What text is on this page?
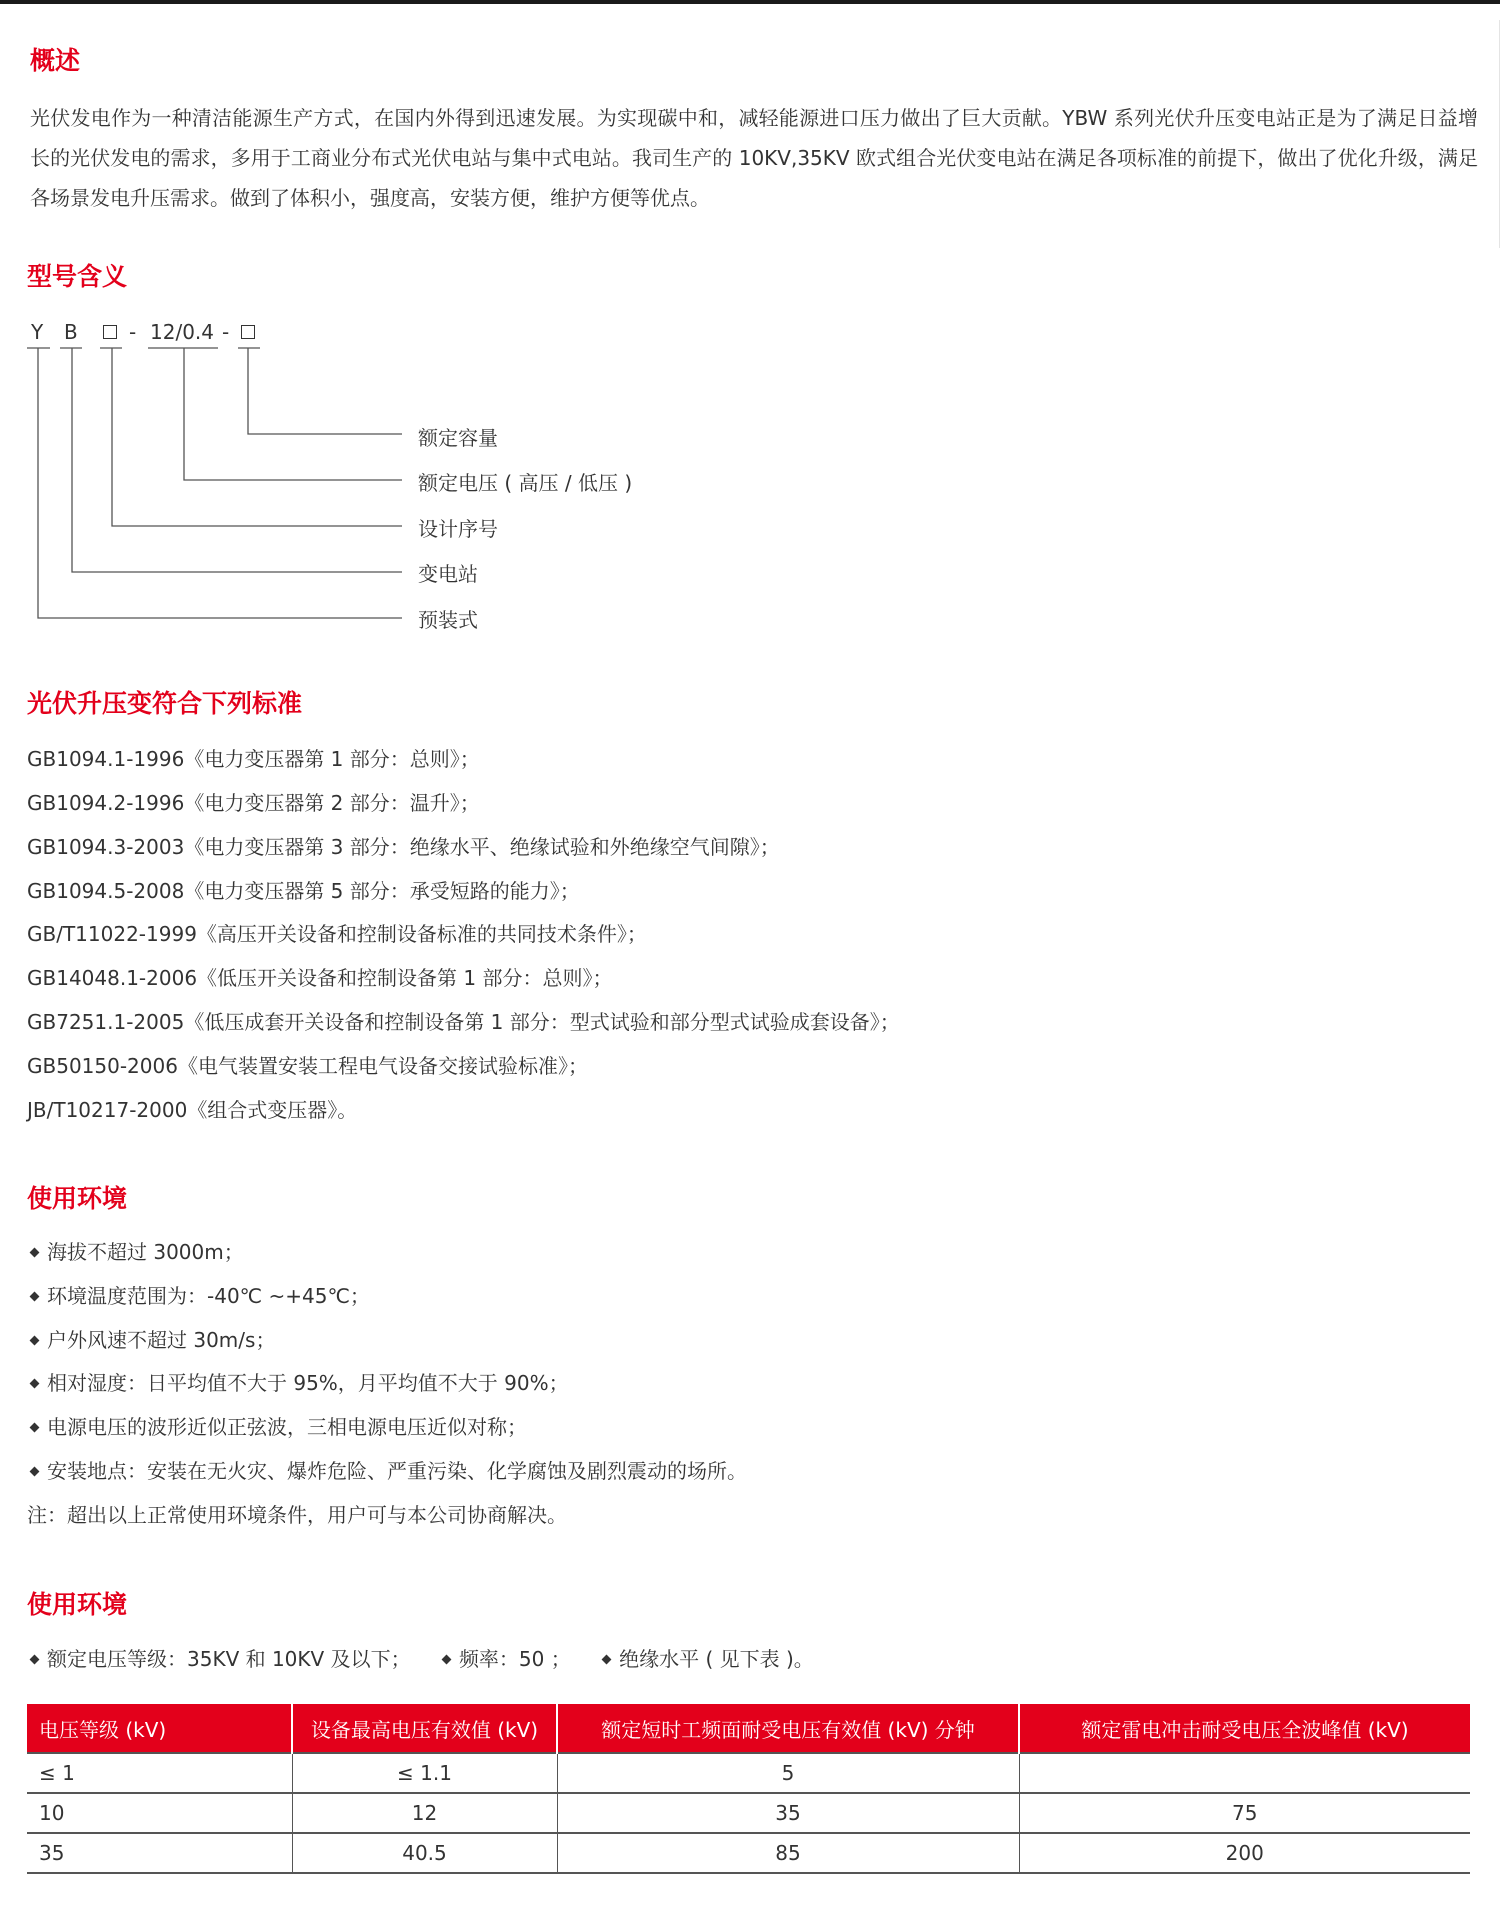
概述

光伏发电作为一种清洁能源生产方式，在国内外得到迅速发展。为实现碳中和，减轻能源进口压力做出了巨大贡献。YBW 系列光伏升压变电站正是为了满足日益增长的光伏发电的需求，多用于工商业分布式光伏电站与集中式电站。我司生产的 10KV,35KV 欧式组合光伏变电站在满足各项标准的前提下，做出了优化升级，满足各场景发电升压需求。做到了体积小，强度高，安装方便，维护方便等优点。

型号含义
Y B	- 12/0.4 -
额定容量
额定电压 ( 高压 / 低压 )
设计序号
变电站
预装式
光伏升压变符合下列标准
GB1094.1-1996《电力变压器第 1 部分：总则》；
GB1094.2-1996《电力变压器第 2 部分：温升》；
GB1094.3-2003《电力变压器第 3 部分：绝缘水平、绝缘试验和外绝缘空气间隙》；
GB1094.5-2008《电力变压器第 5 部分：承受短路的能力》；
GB/T11022-1999《高压开关设备和控制设备标准的共同技术条件》；
GB14048.1-2006《低压开关设备和控制设备第 1 部分：总则》；
GB7251.1-2005《低压成套开关设备和控制设备第 1 部分：型式试验和部分型式试验成套设备》；
GB50150-2006《电气装置安装工程电气设备交接试验标准》；
JB/T10217-2000《组合式变压器》。
使用环境
海拔不超过 3000m；
环境温度范围为：-40℃ ~+45℃；
户外风速不超过 30m/s；
相对湿度：日平均值不大于 95%，月平均值不大于 90%；
电源电压的波形近似正弦波，三相电源电压近似对称；
安装地点：安装在无火灾、爆炸危险、严重污染、化学腐蚀及剧烈震动的场所。
注：超出以上正常使用环境条件，用户可与本公司协商解决。
使用环境
额定电压等级：35KV 和 10KV 及以下； 频率：50 ； 绝缘水平 ( 见下表 )。
电压等级 (kV)	设备最高电压有效值 (kV)	额定短时工频面耐受电压有效值 (kV) 分钟	额定雷电冲击耐受电压全波峰值 (kV)
≤ 1	≤ 1.1	5	
10	12	35	75
35	40.5	85	200
